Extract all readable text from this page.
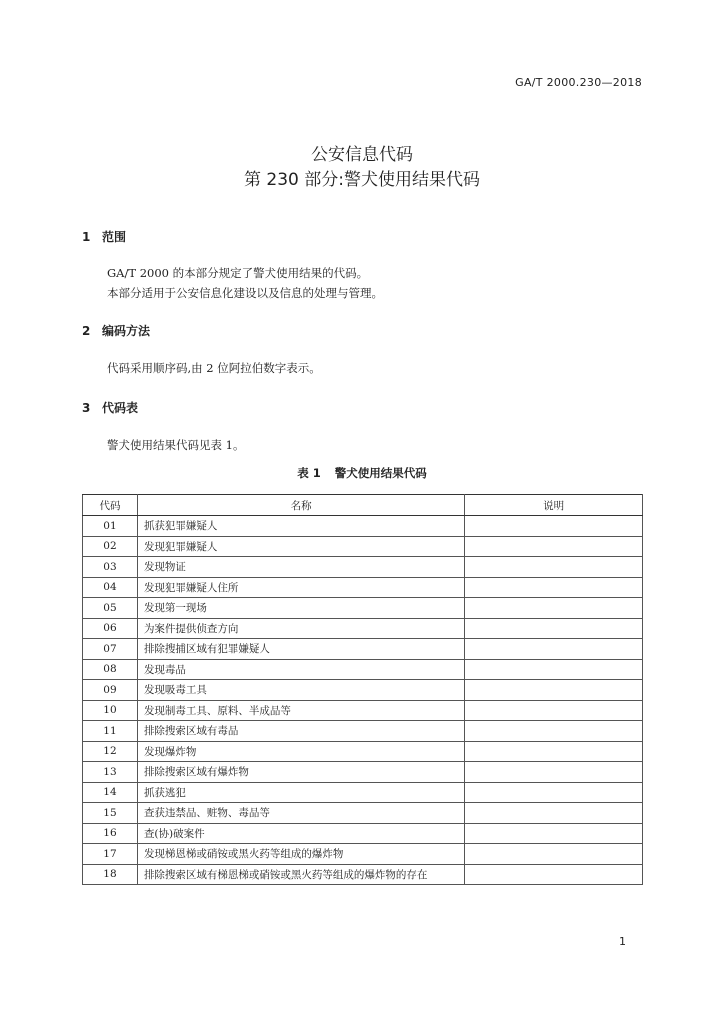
GA/T 2000.230—2018
公安信息代码
第 230 部分:警犬使用结果代码
1 范围
GA/T 2000 的本部分规定了警犬使用结果的代码。
本部分适用于公安信息化建设以及信息的处理与管理。
2 编码方法
代码采用顺序码,由 2 位阿拉伯数字表示。
3 代码表
警犬使用结果代码见表 1。
表 1 警犬使用结果代码
代码	名称	说明
01	抓获犯罪嫌疑人	
02	发现犯罪嫌疑人	
03	发现物证	
04	发现犯罪嫌疑人住所	
05	发现第一现场	
06	为案件提供侦查方向	
07	排除搜捕区域有犯罪嫌疑人	
08	发现毒品	
09	发现吸毒工具	
10	发现制毒工具、原料、半成品等	
11	排除搜索区域有毒品	
12	发现爆炸物	
13	排除搜索区域有爆炸物	
14	抓获逃犯	
15	查获违禁品、赃物、毒品等	
16	查(协)破案件	
17	发现梯恩梯或硝铵或黑火药等组成的爆炸物	
18	排除搜索区域有梯恩梯或硝铵或黑火药等组成的爆炸物的存在	
1
